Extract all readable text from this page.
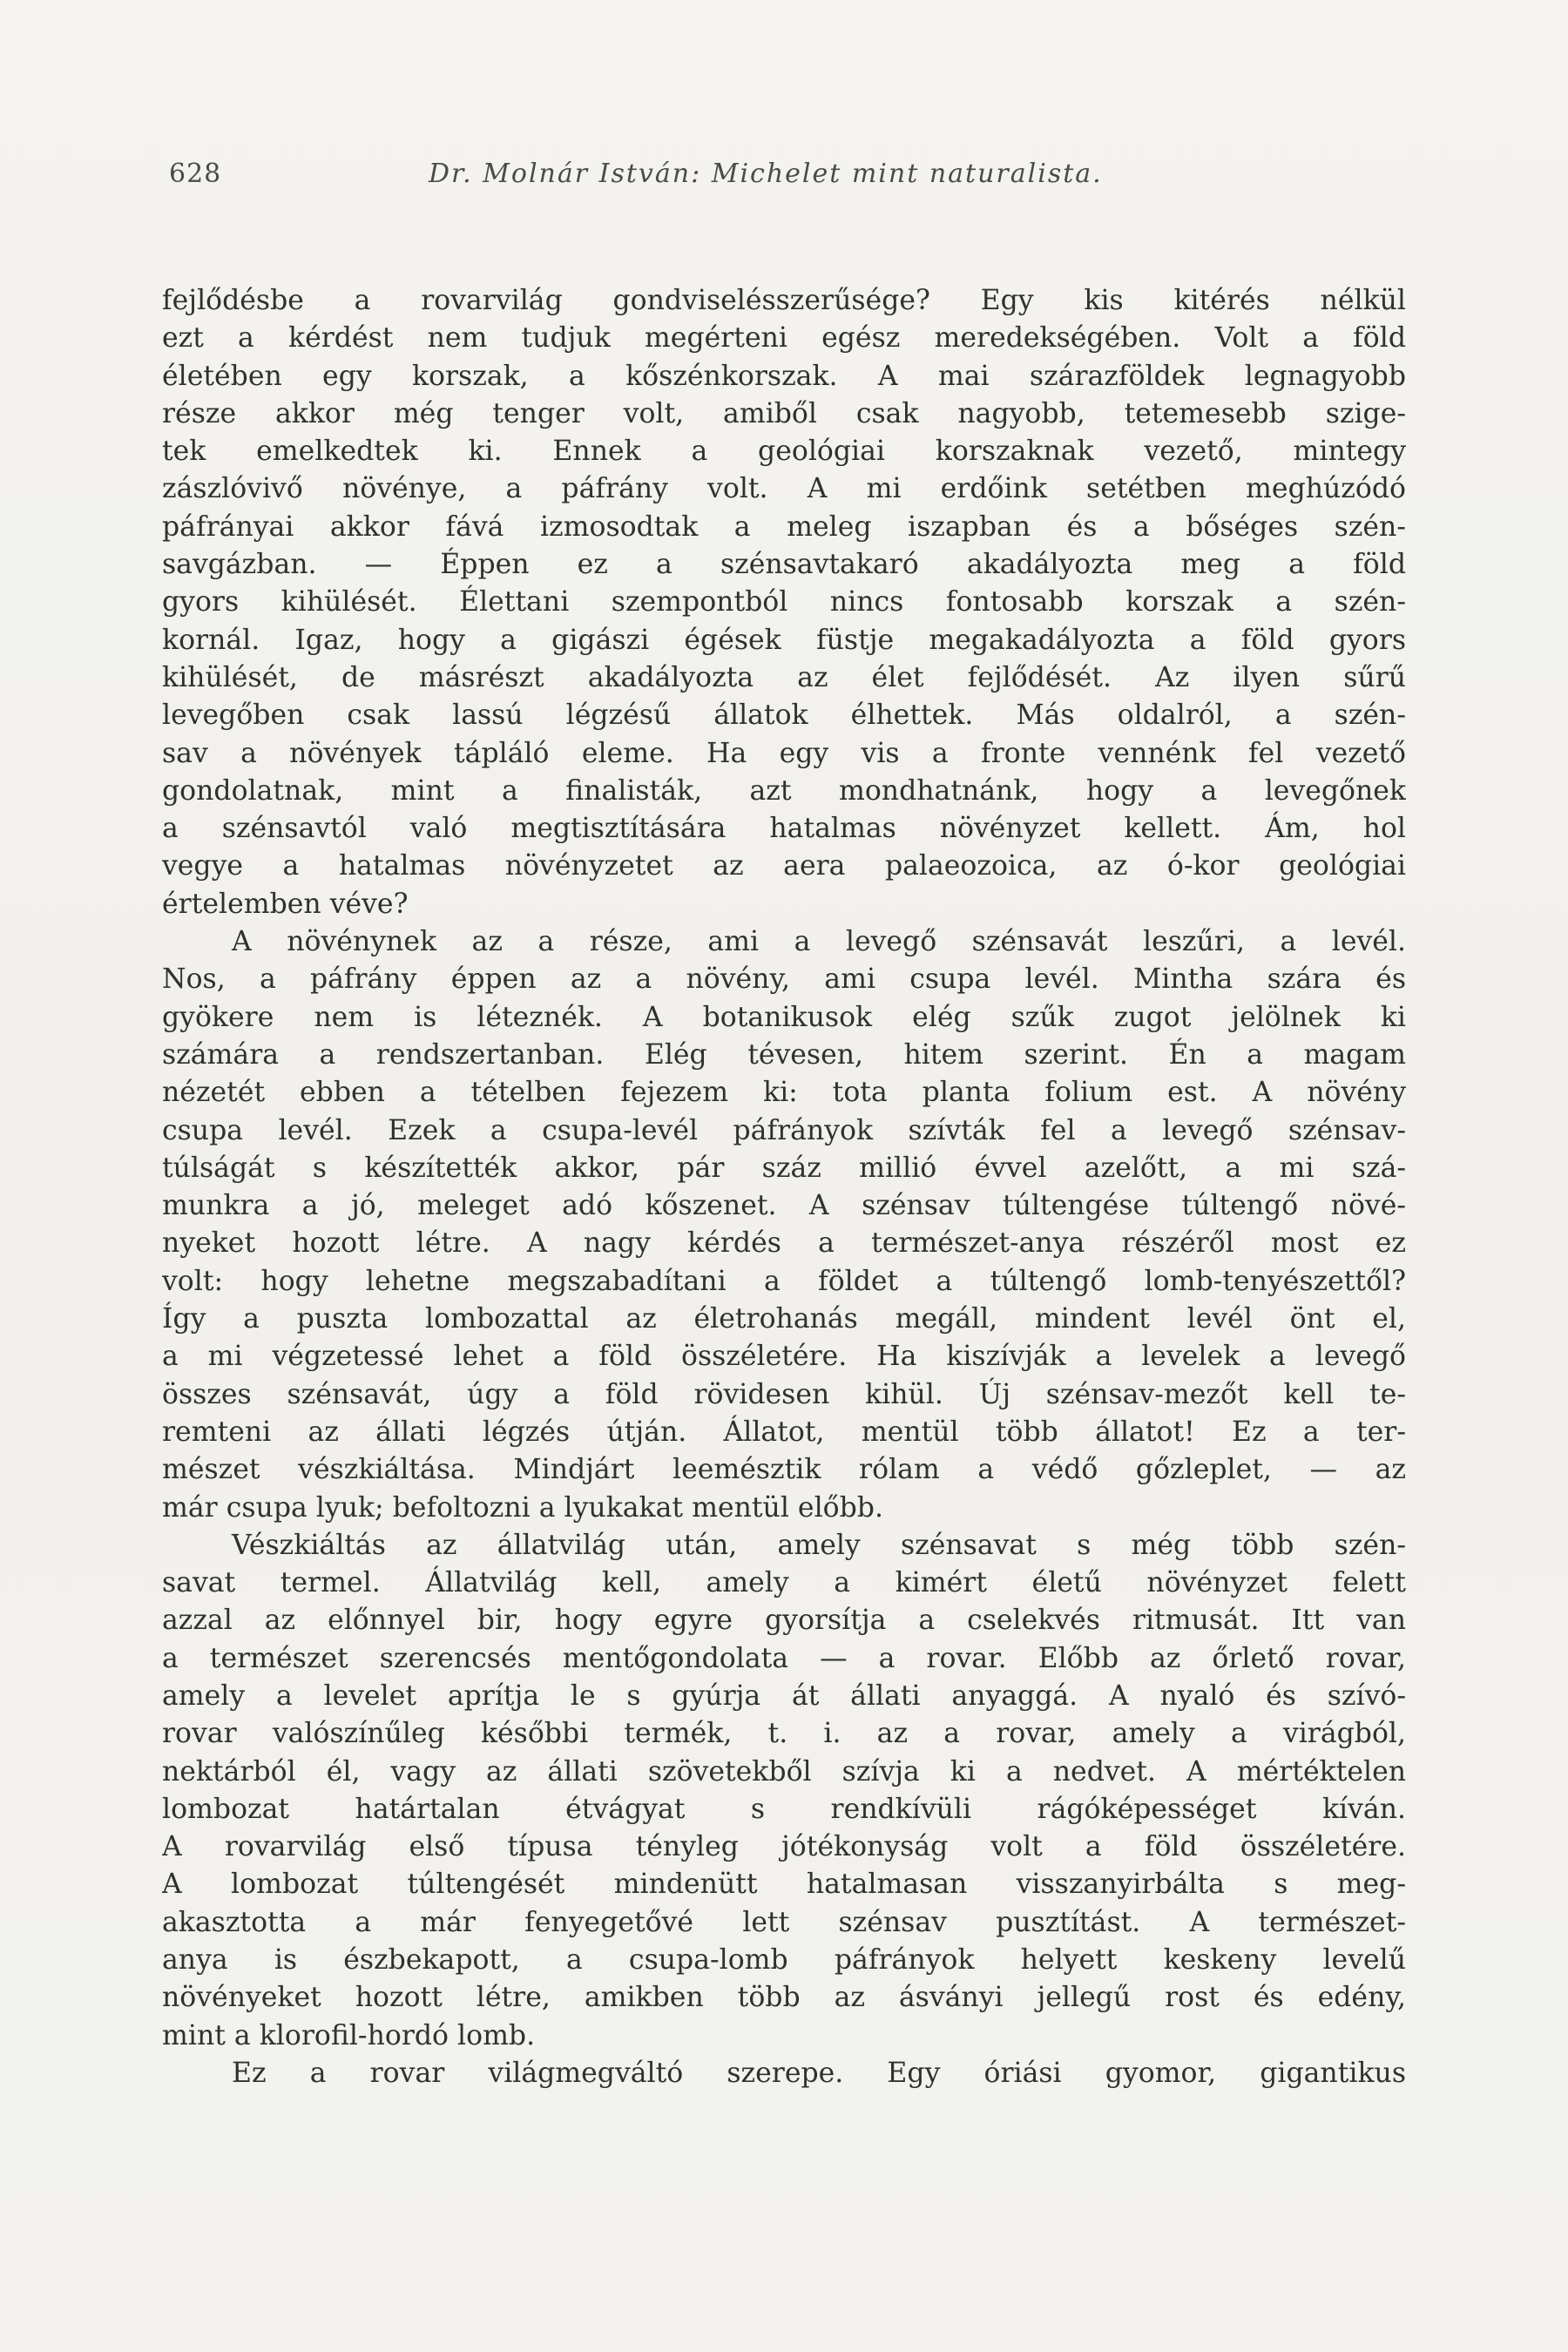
628	Dr. Molnár István: Michelet mint naturalista.
fejlődésbe a rovarvilág gondviselésszerűsége? Egy kis kitérés nélkül
ezt a kérdést nem tudjuk megérteni egész meredekségében. Volt a föld
életében egy korszak, a kőszénkorszak. A mai szárazföldek legnagyobb
része akkor még tenger volt, amiből csak nagyobb, tetemesebb szige-
tek emelkedtek ki. Ennek a geológiai korszaknak vezető, mintegy
zászlóvivő növénye, a páfrány volt. A mi erdőink setétben meghúzódó
páfrányai akkor fává izmosodtak a meleg iszapban és a bőséges szén-
savgázban. — Éppen ez a szénsavtakaró akadályozta meg a föld
gyors kihülését. Élettani szempontból nincs fontosabb korszak a szén-
kornál. Igaz, hogy a gigászi égések füstje megakadályozta a föld gyors
kihülését, de másrészt akadályozta az élet fejlődését. Az ilyen sűrű
levegőben csak lassú légzésű állatok élhettek. Más oldalról, a szén-
sav a növények tápláló eleme. Ha egy vis a fronte vennénk fel vezető
gondolatnak, mint a finalisták, azt mondhatnánk, hogy a levegőnek
a szénsavtól való megtisztítására hatalmas növényzet kellett. Ám, hol
vegye a hatalmas növényzetet az aera palaeozoica, az ó-kor geológiai
értelemben véve?
A növénynek az a része, ami a levegő szénsavát leszűri, a levél.
Nos, a páfrány éppen az a növény, ami csupa levél. Mintha szára és
gyökere nem is léteznék. A botanikusok elég szűk zugot jelölnek ki
számára a rendszertanban. Elég tévesen, hitem szerint. Én a magam
nézetét ebben a tételben fejezem ki: tota planta folium est. A növény
csupa levél. Ezek a csupa-levél páfrányok szívták fel a levegő szénsav-
túlságát s készítették akkor, pár száz millió évvel azelőtt, a mi szá-
munkra a jó, meleget adó kőszenet. A szénsav túltengése túltengő növé-
nyeket hozott létre. A nagy kérdés a természet-anya részéről most ez
volt: hogy lehetne megszabadítani a földet a túltengő lomb-tenyészettől?
Így a puszta lombozattal az életrohanás megáll, mindent levél önt el,
a mi végzetessé lehet a föld összéletére. Ha kiszívják a levelek a levegő
összes szénsavát, úgy a föld rövidesen kihül. Új szénsav-mezőt kell te-
remteni az állati légzés útján. Állatot, mentül több állatot! Ez a ter-
mészet vészkiáltása. Mindjárt leemésztik rólam a védő gőzleplet, — az
már csupa lyuk; befoltozni a lyukakat mentül előbb.
Vészkiáltás az állatvilág után, amely szénsavat s még több szén-
savat termel. Állatvilág kell, amely a kimért életű növényzet felett
azzal az előnnyel bir, hogy egyre gyorsítja a cselekvés ritmusát. Itt van
a természet szerencsés mentőgondolata — a rovar. Előbb az őrlető rovar,
amely a levelet aprítja le s gyúrja át állati anyaggá. A nyaló és szívó-
rovar valószínűleg későbbi termék, t. i. az a rovar, amely a virágból,
nektárból él, vagy az állati szövetekből szívja ki a nedvet. A mértéktelen
lombozat határtalan étvágyat s rendkívüli rágóképességet kíván.
A rovarvilág első típusa tényleg jótékonyság volt a föld összéletére.
A lombozat túltengését mindenütt hatalmasan visszanyirbálta s meg-
akasztotta a már fenyegetővé lett szénsav pusztítást. A természet-
anya is észbekapott, a csupa-lomb páfrányok helyett keskeny levelű
növényeket hozott létre, amikben több az ásványi jellegű rost és edény,
mint a klorofil-hordó lomb.
Ez a rovar világmegváltó szerepe. Egy óriási gyomor, gigantikus
